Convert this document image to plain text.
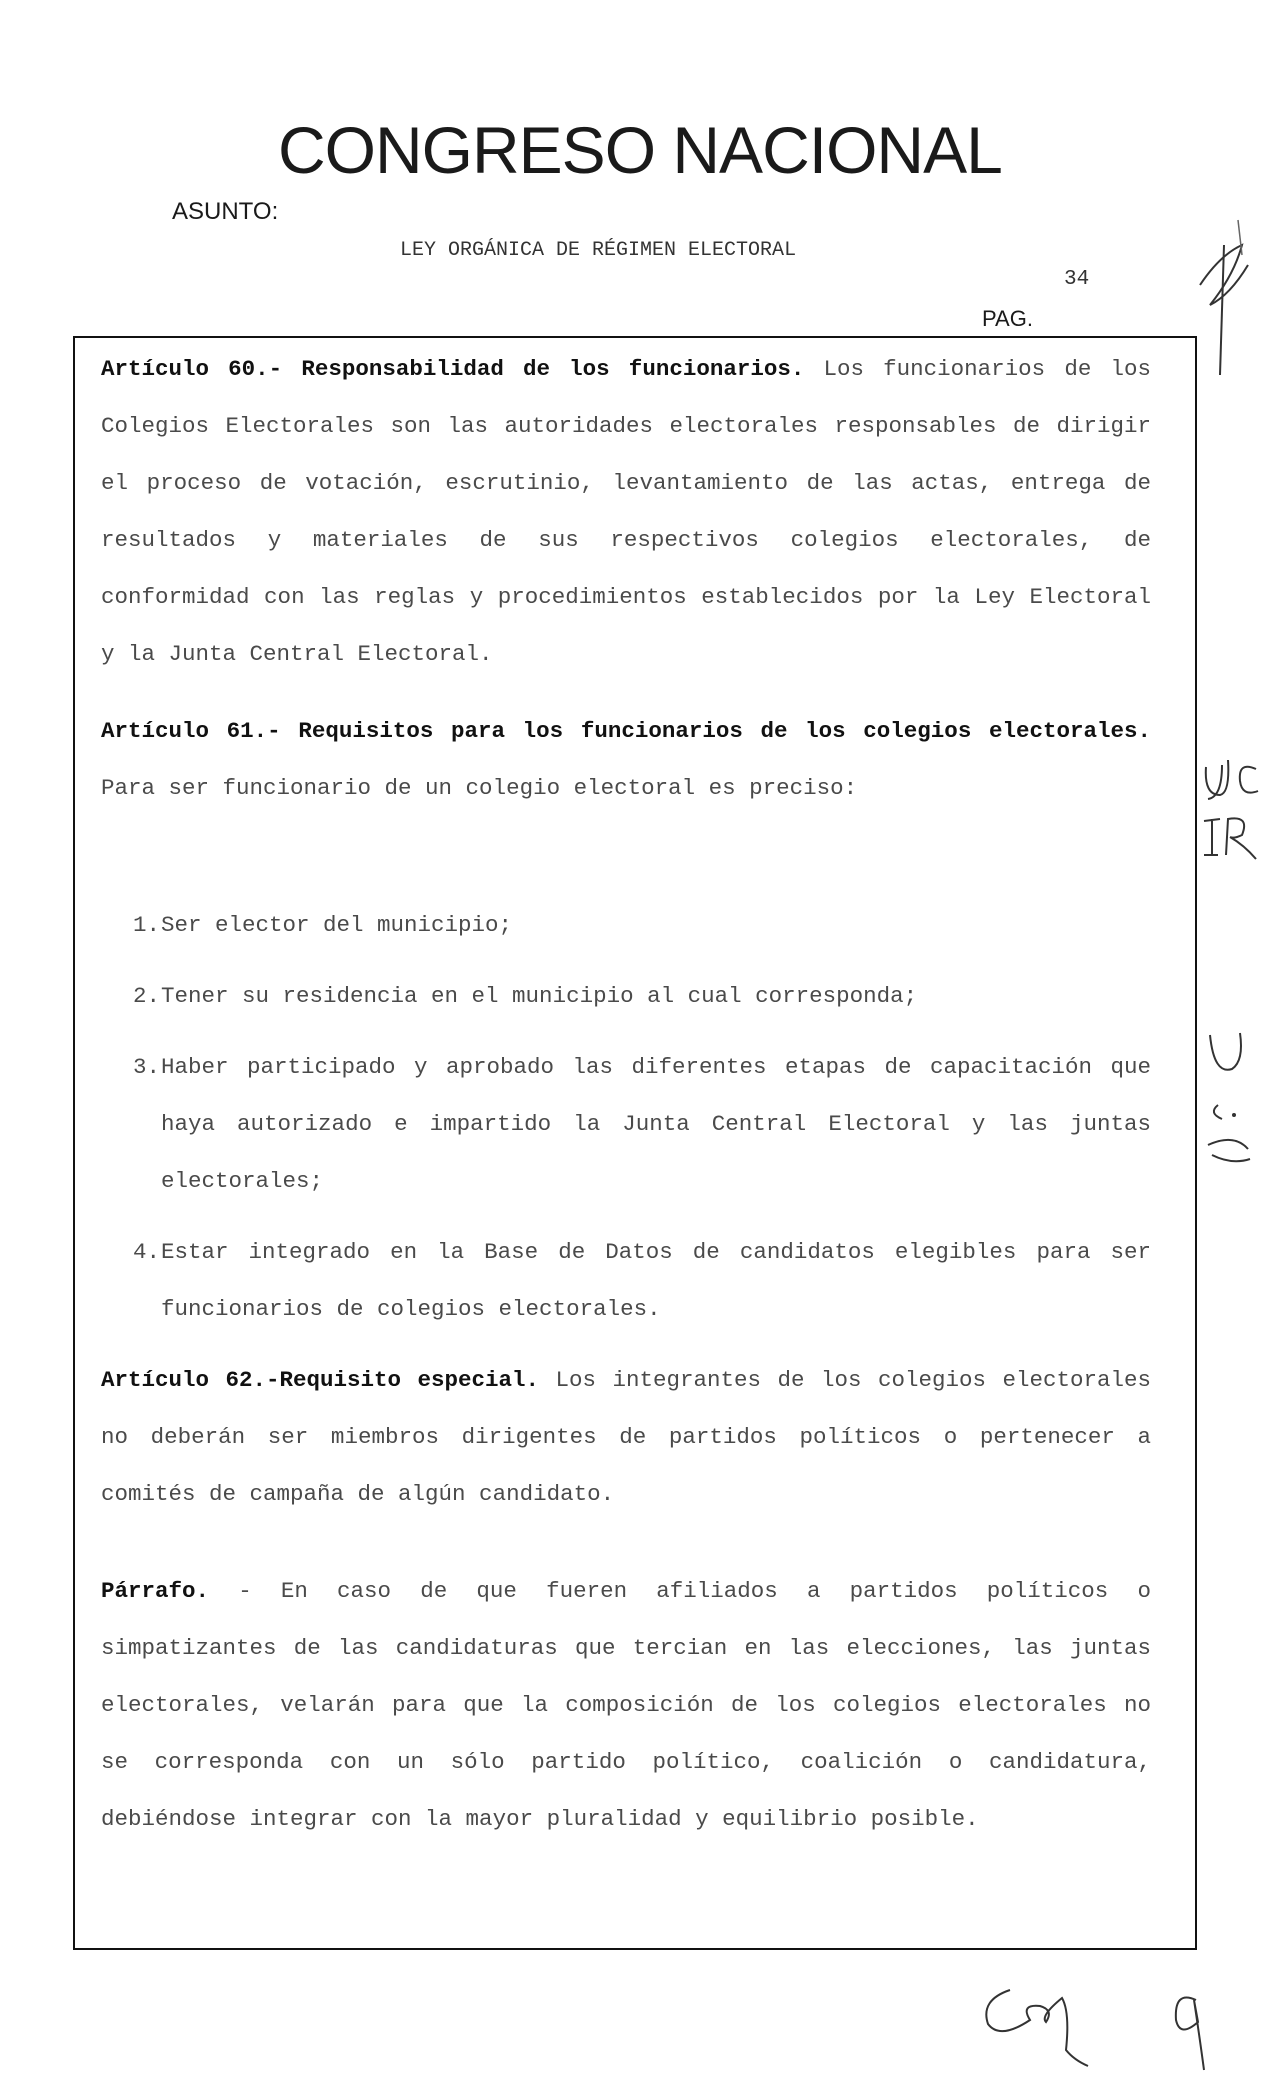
CONGRESO NACIONAL
ASUNTO:
LEY ORGÁNICA DE RÉGIMEN ELECTORAL
34
PAG.

Artículo 60.- Responsabilidad de los funcionarios. Los funcionarios de los Colegios Electorales son las autoridades electorales responsables de dirigir el proceso de votación, escrutinio, levantamiento de las actas, entrega de resultados y materiales de sus respectivos colegios electorales, de conformidad con las reglas y procedimientos establecidos por la Ley Electoral y la Junta Central Electoral.

Artículo 61.- Requisitos para los funcionarios de los colegios electorales. Para ser funcionario de un colegio electoral es preciso:

1. Ser elector del municipio;
2. Tener su residencia en el municipio al cual corresponda;
3. Haber participado y aprobado las diferentes etapas de capacitación que haya autorizado e impartido la Junta Central Electoral y las juntas electorales;
4. Estar integrado en la Base de Datos de candidatos elegibles para ser funcionarios de colegios electorales.

Artículo 62.-Requisito especial. Los integrantes de los colegios electorales no deberán ser miembros dirigentes de partidos políticos o pertenecer a comités de campaña de algún candidato.

Párrafo. - En caso de que fueren afiliados a partidos políticos o simpatizantes de las candidaturas que tercian en las elecciones, las juntas electorales, velarán para que la composición de los colegios electorales no se corresponda con un sólo partido político, coalición o candidatura, debiéndose integrar con la mayor pluralidad y equilibrio posible.
